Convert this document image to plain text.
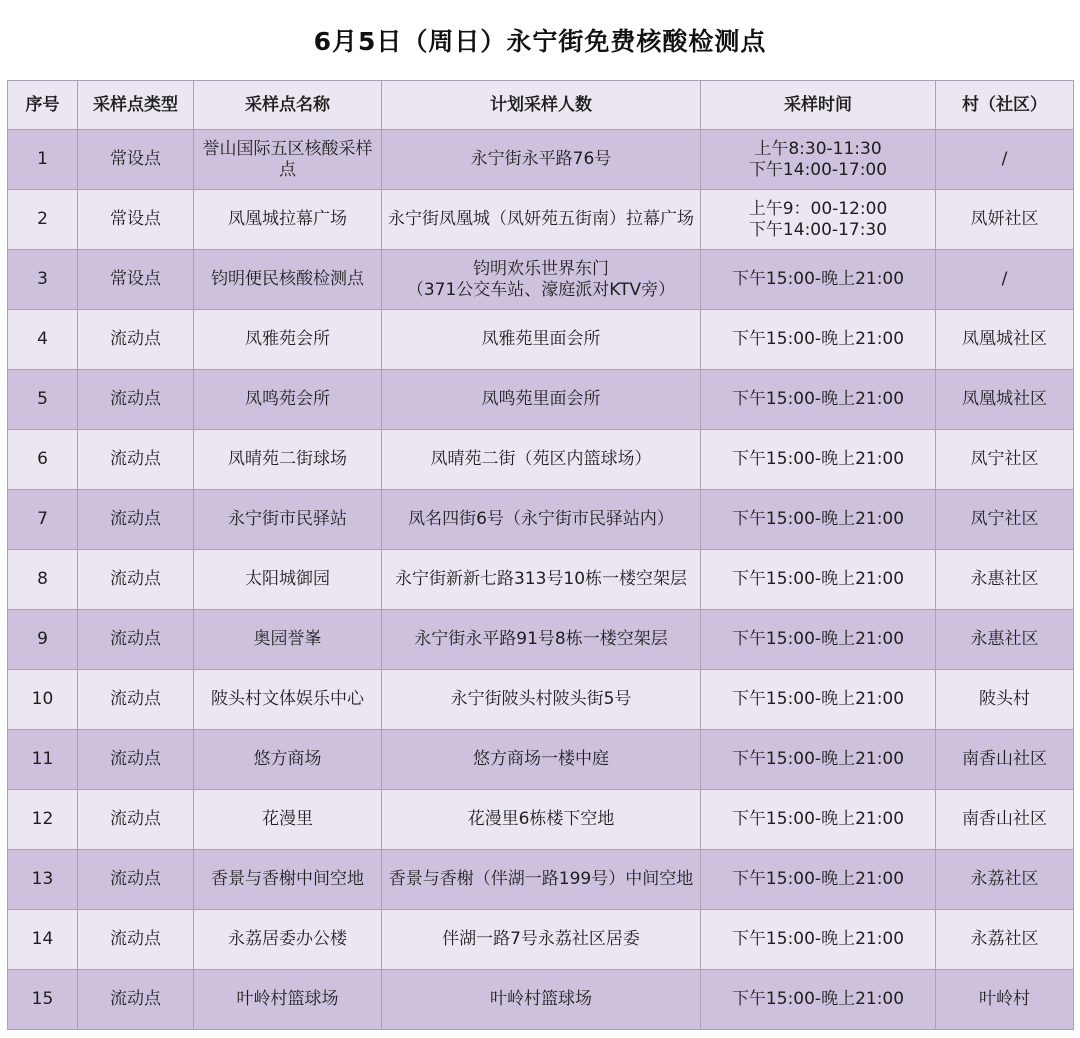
6月5日（周日）永宁街免费核酸检测点
序号	采样点类型	采样点名称	计划采样人数	采样时间	村（社区）
1	常设点	誉山国际五区核酸采样点	永宁街永平路76号	上午8:30-11:30
下午14:00-17:00	/
2	常设点	凤凰城拉幕广场	永宁街凤凰城（凤妍苑五街南）拉幕广场	上午9：00-12:00
下午14:00-17:30	凤妍社区
3	常设点	钧明便民核酸检测点	钧明欢乐世界东门
（371公交车站、濠庭派对KTV旁）	下午15:00-晚上21:00	/
4	流动点	凤雅苑会所	凤雅苑里面会所	下午15:00-晚上21:00	凤凰城社区
5	流动点	凤鸣苑会所	凤鸣苑里面会所	下午15:00-晚上21:00	凤凰城社区
6	流动点	凤晴苑二街球场	凤晴苑二街（苑区内篮球场）	下午15:00-晚上21:00	凤宁社区
7	流动点	永宁街市民驿站	凤名四街6号（永宁街市民驿站内）	下午15:00-晚上21:00	凤宁社区
8	流动点	太阳城御园	永宁街新新七路313号10栋一楼空架层	下午15:00-晚上21:00	永惠社区
9	流动点	奥园誉峯	永宁街永平路91号8栋一楼空架层	下午15:00-晚上21:00	永惠社区
10	流动点	陂头村文体娱乐中心	永宁街陂头村陂头街5号	下午15:00-晚上21:00	陂头村
11	流动点	悠方商场	悠方商场一楼中庭	下午15:00-晚上21:00	南香山社区
12	流动点	花漫里	花漫里6栋楼下空地	下午15:00-晚上21:00	南香山社区
13	流动点	香景与香榭中间空地	香景与香榭（伴湖一路199号）中间空地	下午15:00-晚上21:00	永荔社区
14	流动点	永荔居委办公楼	伴湖一路7号永荔社区居委	下午15:00-晚上21:00	永荔社区
15	流动点	叶岭村篮球场	叶岭村篮球场	下午15:00-晚上21:00	叶岭村
